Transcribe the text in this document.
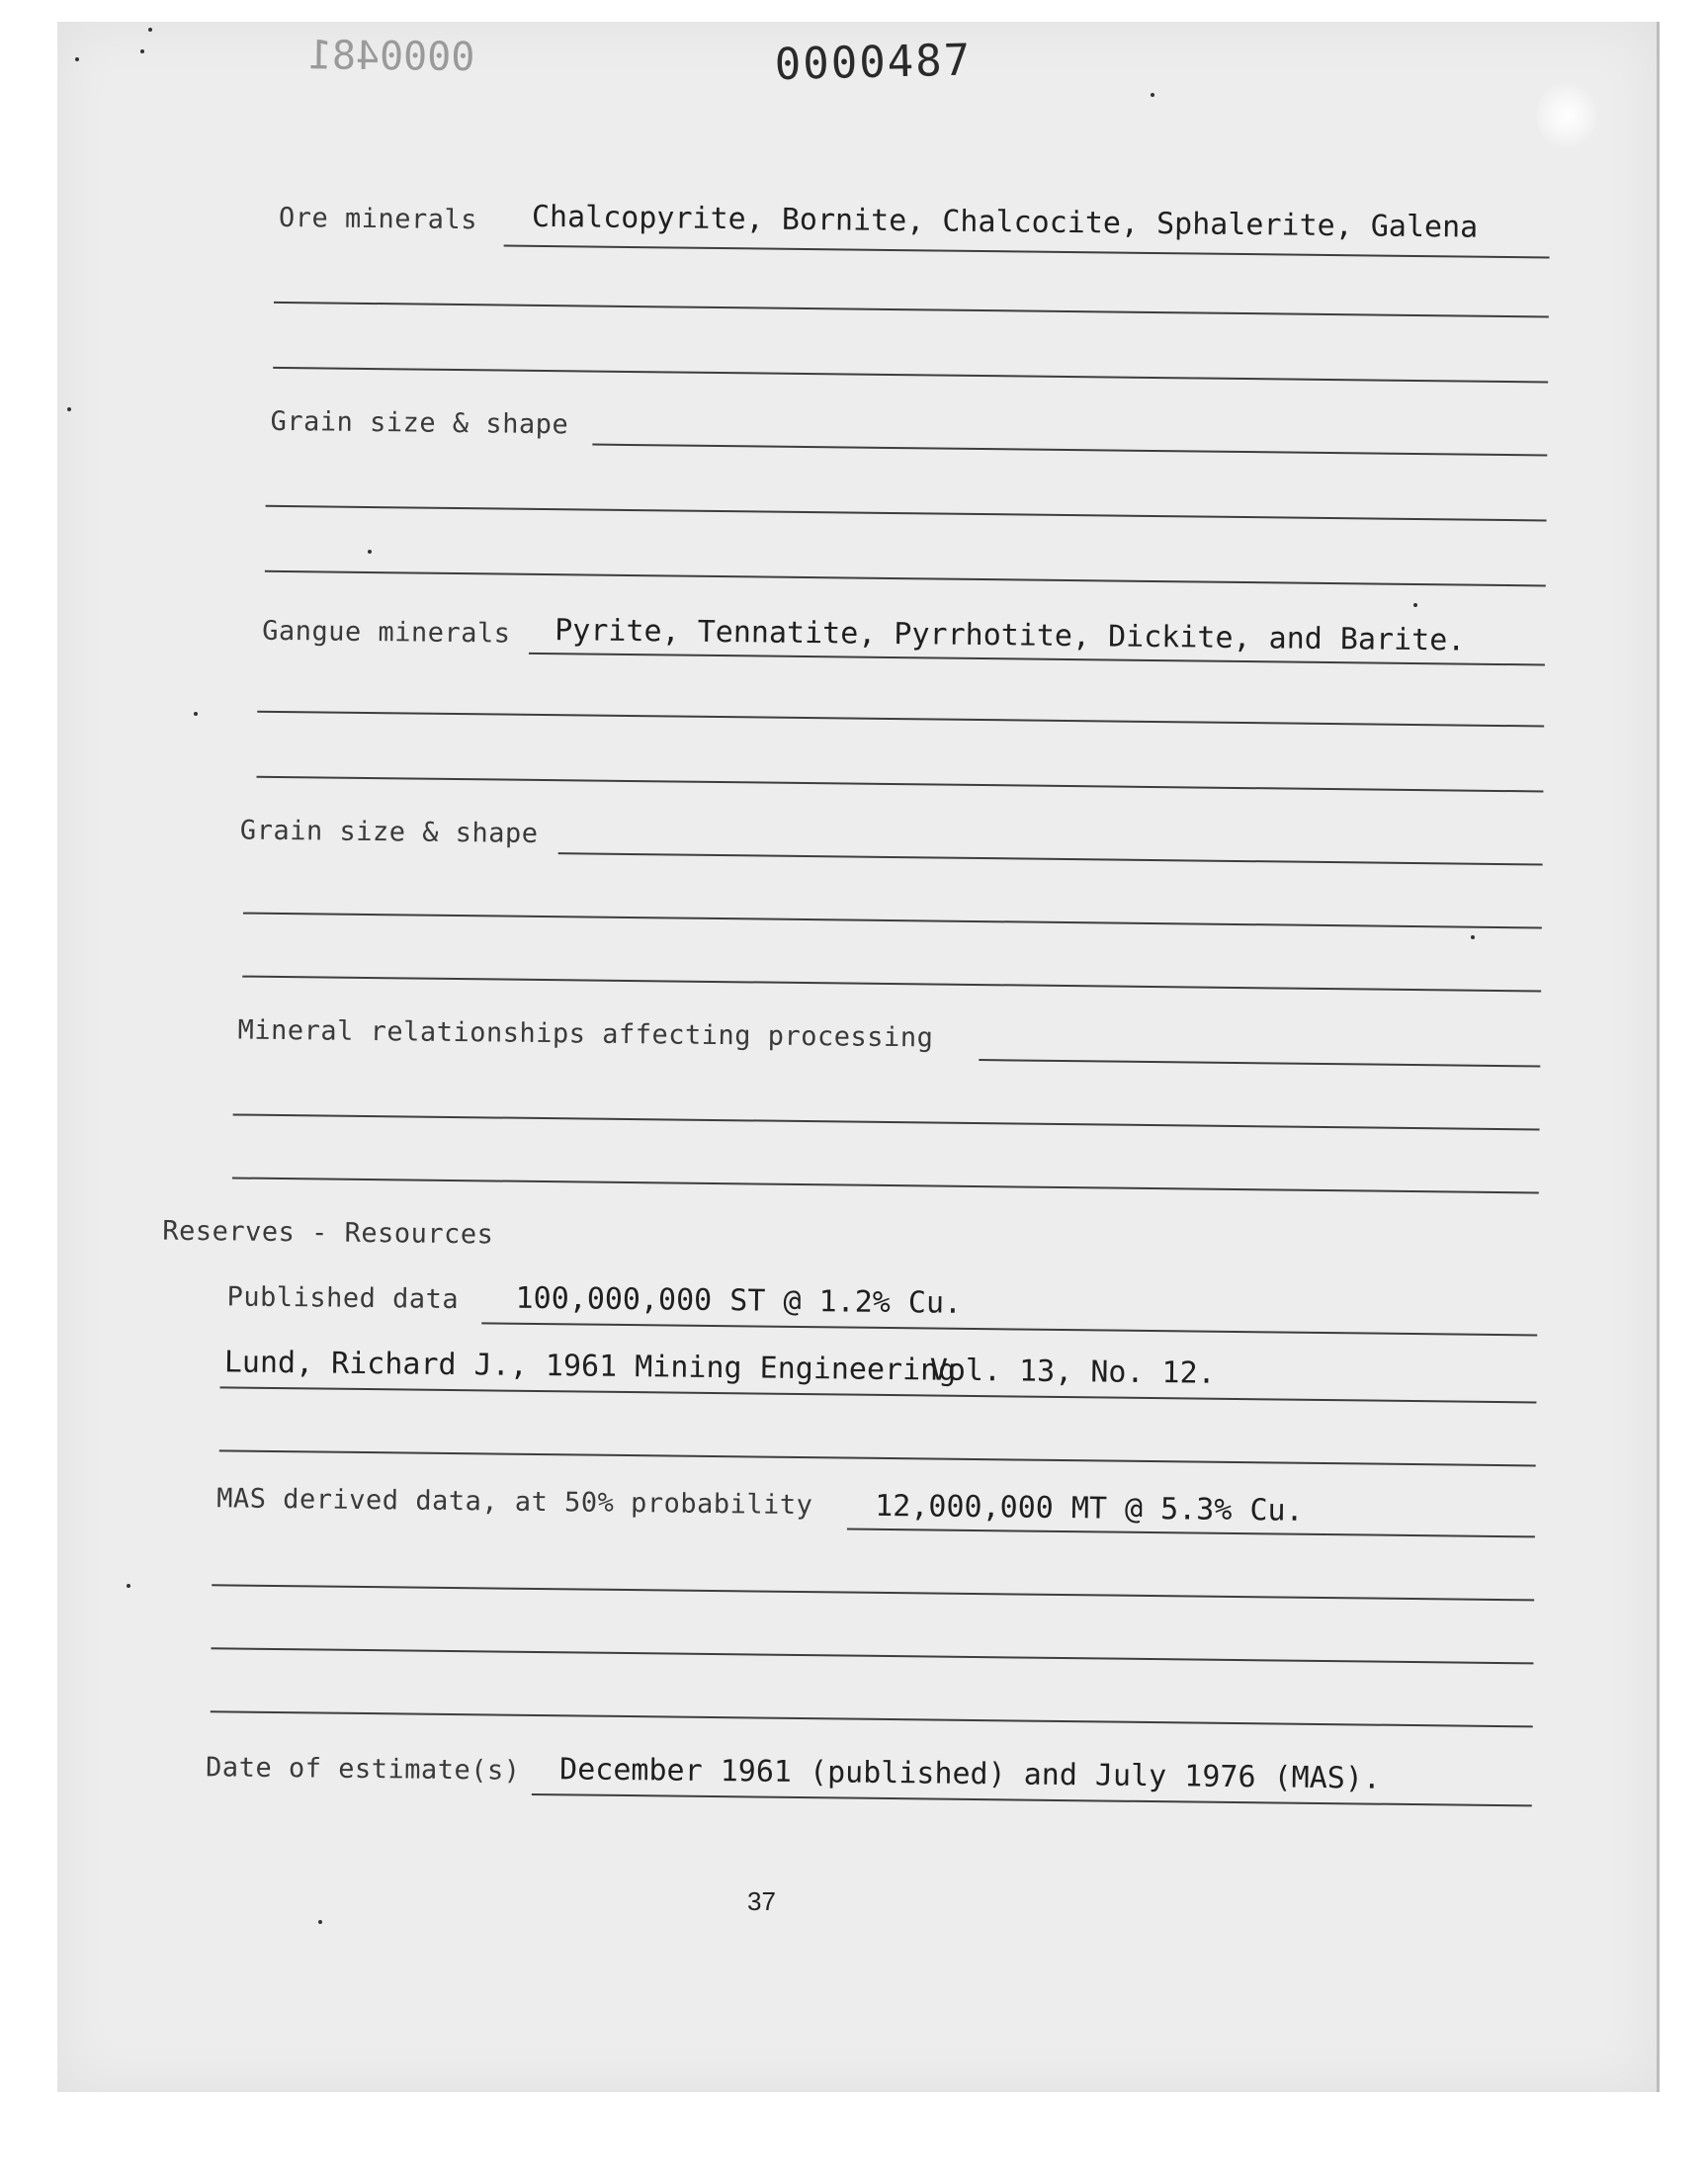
0000481	0000487
Ore minerals Chalcopyrite, Bornite, Chalcocite, Sphalerite, Galena
Grain size & shape
Gangue minerals Pyrite, Tennatite, Pyrrhotite, Dickite, and Barite.
Grain size & shape
Mineral relationships affecting processing
Reserves - Resources
Published data 100,000,000 ST @ 1.2% Cu.
Lund, Richard J., 1961 Mining Engineering
Vol. 13, No. 12.
MAS derived data, at 50% probability 12,000,000 MT @ 5.3% Cu.
Date of estimate(s) December 1961 (published) and July 1976 (MAS).
37
